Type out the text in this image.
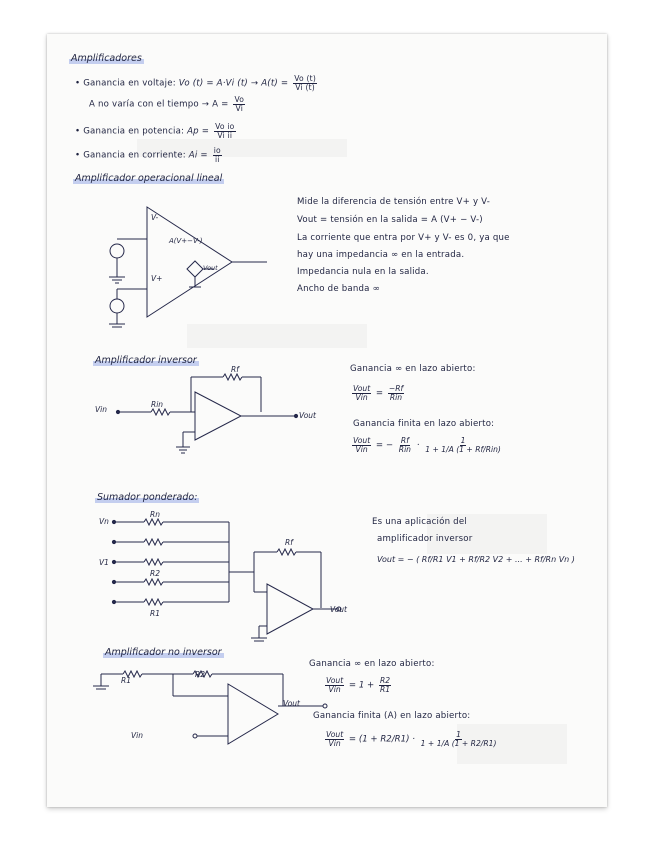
Amplificadores
• Ganancia en voltaje: Vo (t) = A·Vi $(t) \to A(t) = \frac{Vo (t)}{Vi (t)}$
A no varía con el tiempo → $A = \frac{Vo}{Vi}$
• Ganancia en potencia: $Ap = \frac{\text{Vo io}}{\text{Vi ii}}$
• Ganancia en corriente: $Ai = \frac{io}{ii}$
Amplificador operacional lineal
V-
V+
A(V+−V-)
Vout
Mide la diferencia de tensión entre V+ y V-
Vout = tensión en la salida = A (V+ − V-)
La corriente que entra por V+ y V- es 0, ya que
hay una impedancia ∞ en la entrada.
Impedancia nula en la salida.
Ancho de banda ∞
Amplificador inversor
Vin
Rin
Rf
Vout
Ganancia ∞ en lazo abierto:
$\frac{\text{Vout}}{\text{Vin}} = \frac{-Rf}{\text{Rin}}$
Ganancia finita en lazo abierto:
$\frac{\text{Vout}}{\text{Vin}}$ = − $\frac{Rf}{\text{Rin}} \cdot \frac{1}{\text{1 + 1/A (1 + Rf/Rin)}}$
Sumador ponderado:
Vn
Rn
V1
R2
R1
Rf
Vout
Es una aplicación del
amplificador inversor
Vout = − ( Rf/R1 V1 + Rf/R2 V2 + ... + Rf/Rn Vn )
Amplificador no inversor
R1
R2
Vin
Vout
Ganancia ∞ en lazo abierto:
$\frac{\text{Vout}}{\text{Vin}} = 1 + \frac{R2}{R1}$
Ganancia finita (A) en lazo abierto:
$\frac{\text{Vout}}{\text{Vin}} = (1 + R2/R1) \cdot \frac{1}{1 + 1/A (1 + R2/R1)}$
